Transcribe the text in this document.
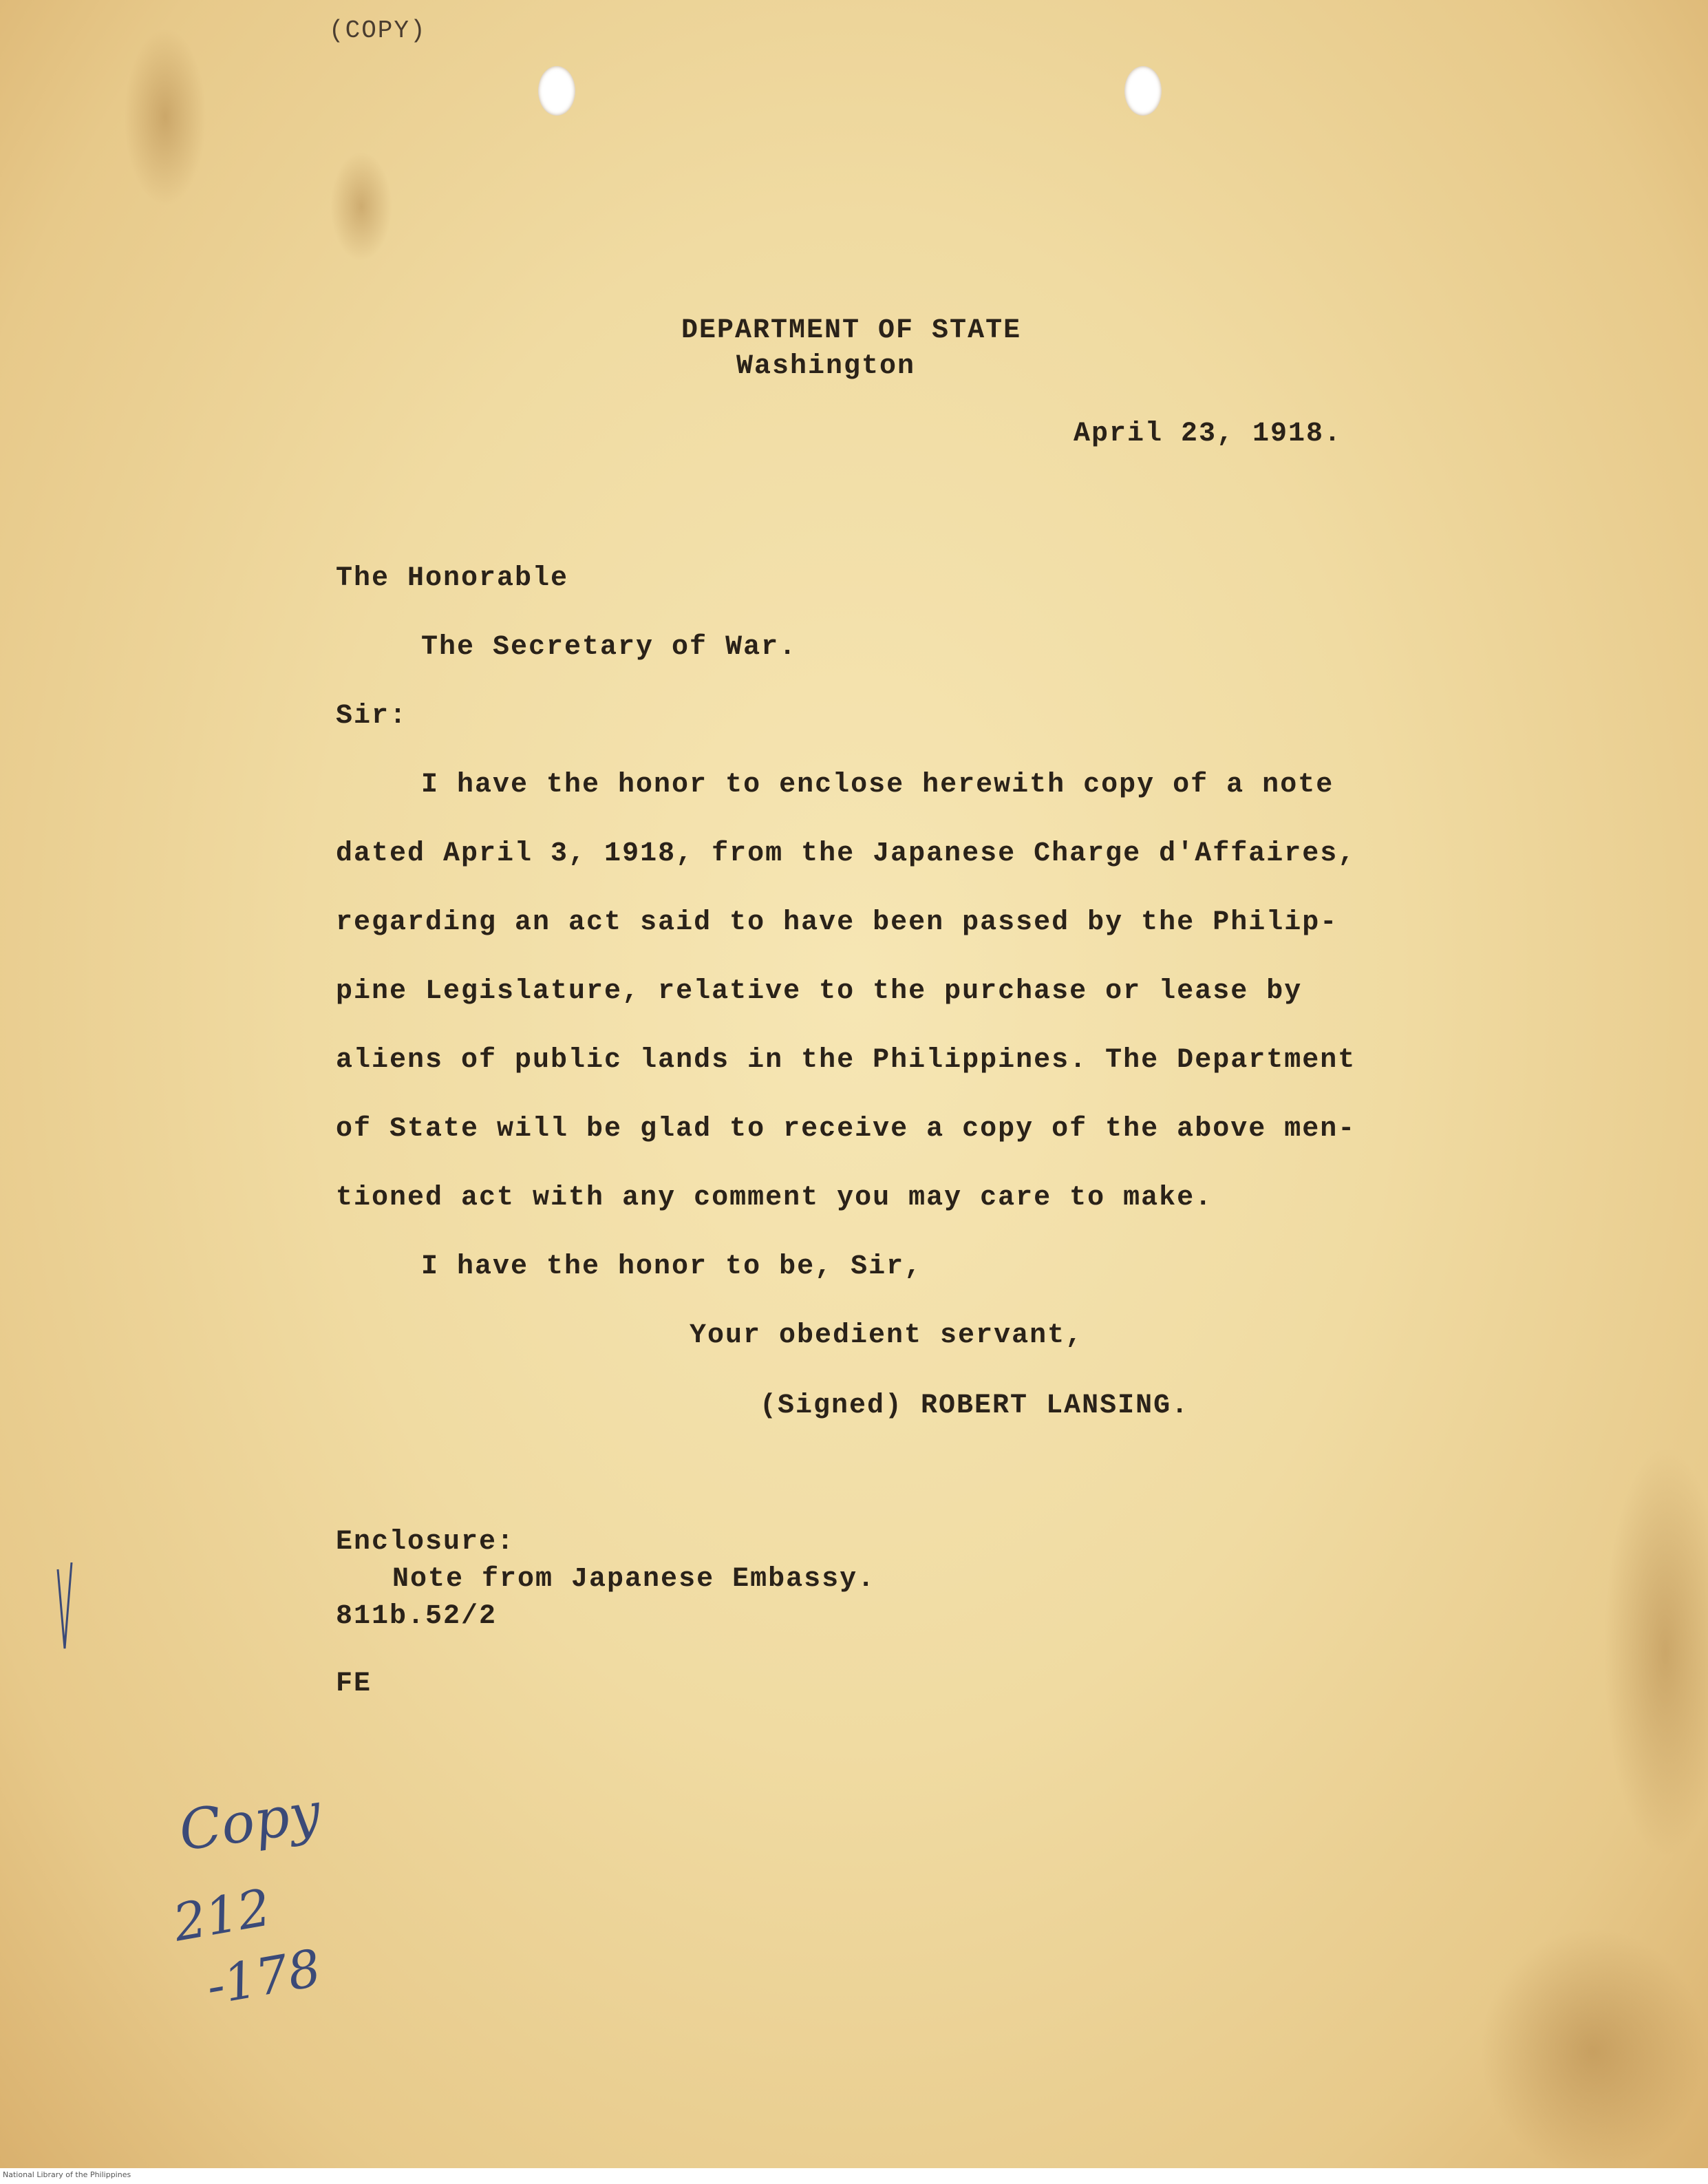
(COPY)

DEPARTMENT OF STATE

Washington

April 23, 1918.

The Honorable

The Secretary of War.

Sir:

I have the honor to enclose herewith copy of a note

dated April 3, 1918, from the Japanese Charge d'Affaires,

regarding an act said to have been passed by the Philip-

pine Legislature, relative to the purchase or lease by

aliens of public lands in the Philippines. The Department

of State will be glad to receive a copy of the above men-

tioned act with any comment you may care to make.

I have the honor to be, Sir,

Your obedient servant,

(Signed) ROBERT LANSING.

Enclosure:

Note from Japanese Embassy.

811b.52/2

FE

Copy
212
-178
National Library of the Philippines
